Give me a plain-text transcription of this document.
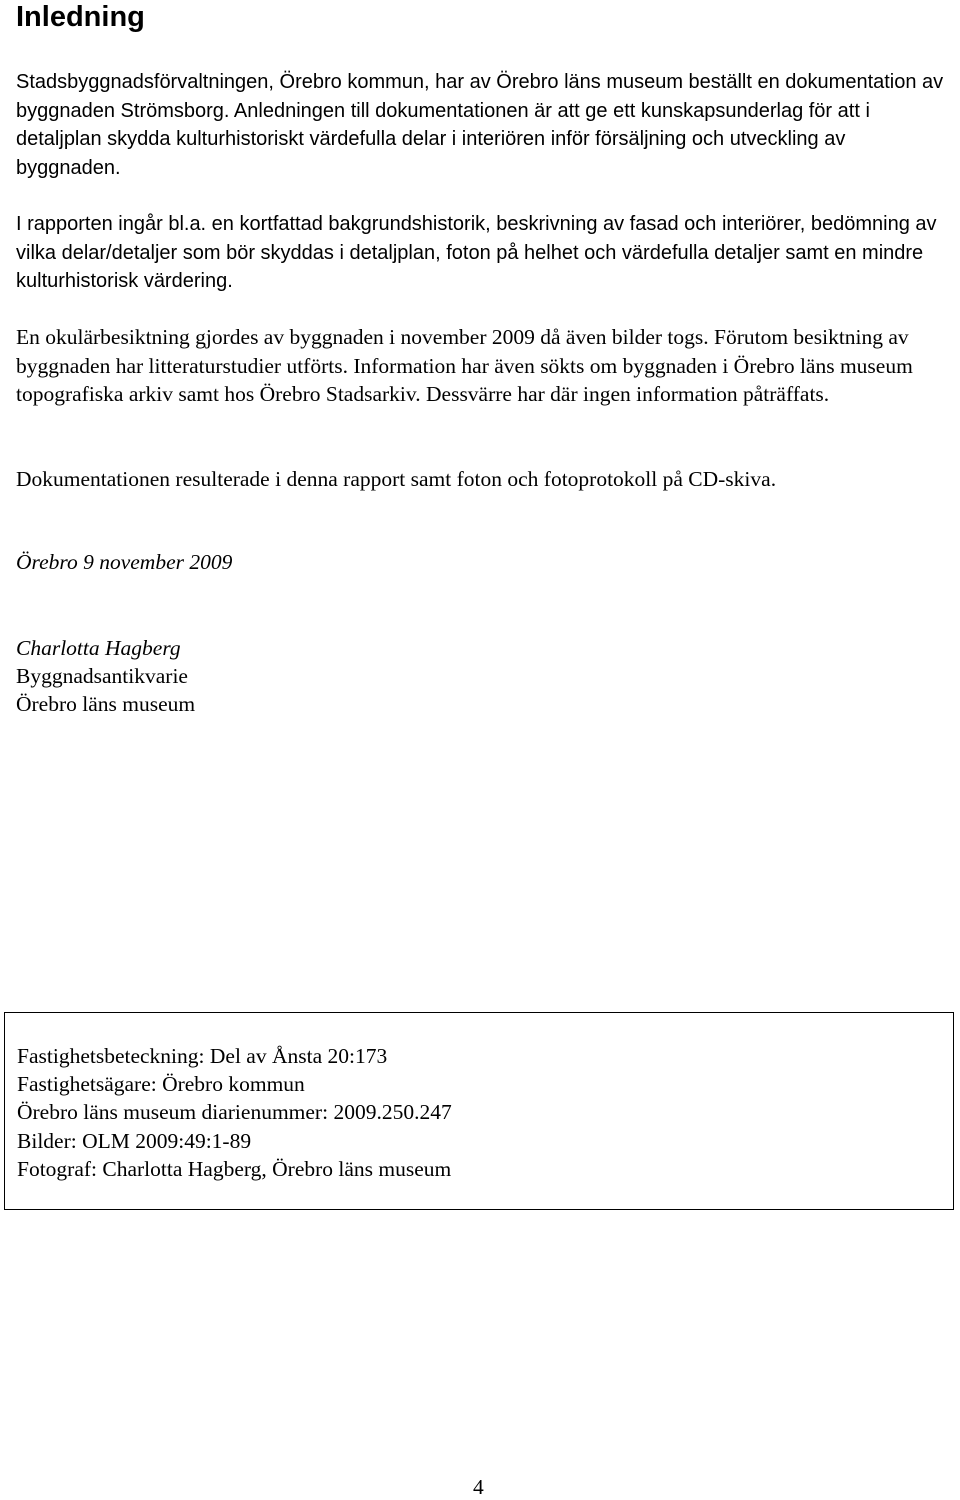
Inledning

Stadsbyggnadsförvaltningen, Örebro kommun, har av Örebro läns museum beställt en dokumentation av byggnaden Strömsborg. Anledningen till dokumentationen är att ge ett kunskapsunderlag för att i detaljplan skydda kulturhistoriskt värdefulla delar i interiören inför försäljning och utveckling av byggnaden.

I rapporten ingår bl.a. en kortfattad bakgrundshistorik, beskrivning av fasad och interiörer, bedömning av vilka delar/detaljer som bör skyddas i detaljplan, foton på helhet och värdefulla detaljer samt en mindre kulturhistorisk värdering.

En okulärbesiktning gjordes av byggnaden i november 2009 då även bilder togs. Förutom besiktning av byggnaden har litteraturstudier utförts. Information har även sökts om byggnaden i Örebro läns museum topografiska arkiv samt hos Örebro Stadsarkiv. Dessvärre har där ingen information påträffats.

Dokumentationen resulterade i denna rapport samt foton och fotoprotokoll på CD-skiva.

Örebro 9 november 2009

Charlotta Hagberg

Byggnadsantikvarie

Örebro läns museum

Fastighetsbeteckning: Del av Ånsta 20:173

Fastighetsägare: Örebro kommun

Örebro läns museum diarienummer: 2009.250.247

Bilder: OLM 2009:49:1-89

Fotograf: Charlotta Hagberg, Örebro läns museum

4
